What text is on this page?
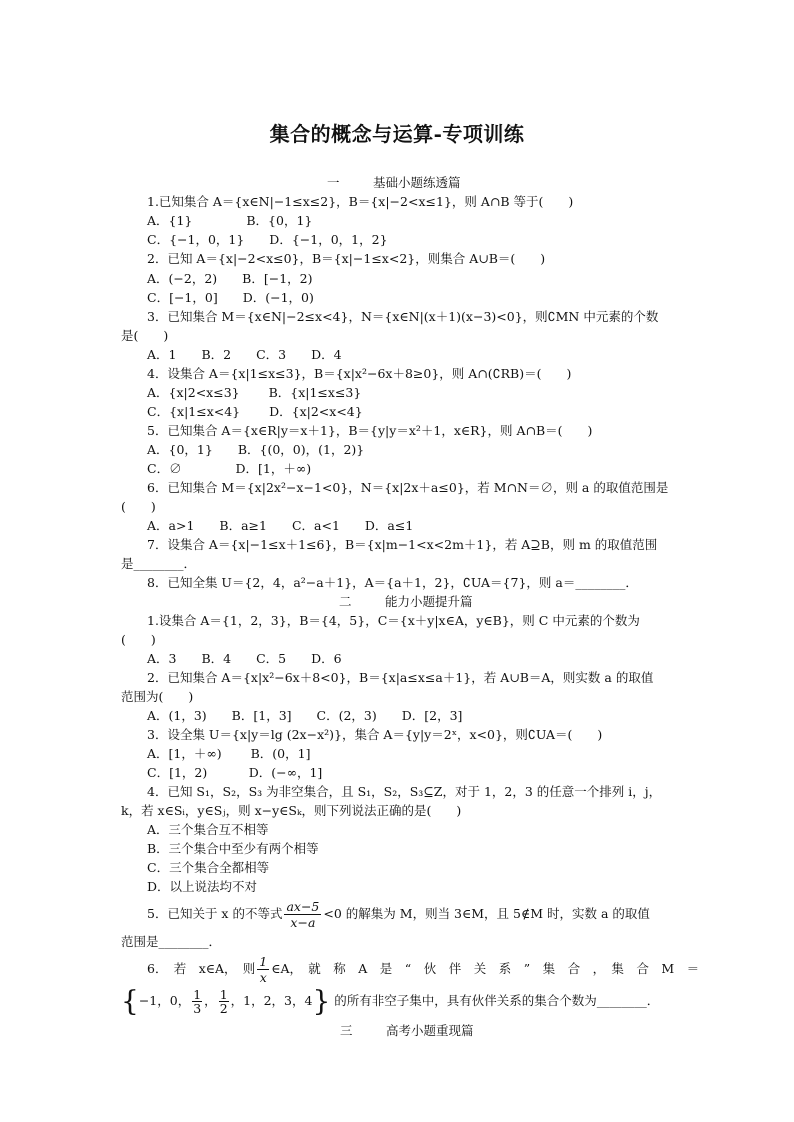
集合的概念与运算-专项训练
一	基础小题练透篇
1.已知集合 A＝{x∈N|−1≤x≤2}，B＝{x|−2<x≤1}，则 A∩B 等于(　　)
A．{1}　　　　 B．{0，1}
C．{−1，0，1}　　D．{−1，0，1，2}
2．已知 A＝{x|−2<x≤0}，B＝{x|−1≤x<2}，则集合 A∪B＝(　　)
A．(−2，2)　　B．[−1，2)
C．[−1，0]　　D．(−1，0)
3．已知集合 M＝{x∈N|−2≤x<4}，N＝{x∈N|(x＋1)(x−3)<0}，则∁MN 中元素的个数
是(　　)
A．1　　B．2　　C．3　　D．4
4．设集合 A＝{x|1≤x≤3}，B＝{x|x²−6x＋8≥0}，则 A∩(∁RB)＝(　　)
A．{x|2<x≤3}　　 B．{x|1≤x≤3}
C．{x|1≤x<4}　　 D．{x|2<x<4}
5．已知集合 A＝{x∈R|y＝x＋1}，B＝{y|y＝x²＋1，x∈R}，则 A∩B＝(　　)
A．{0，1}　　B．{(0，0)，(1，2)}
C．∅　　　　 D．[1，＋∞)
6．已知集合 M＝{x|2x²−x−1<0}，N＝{x|2x＋a≤0}，若 M∩N＝∅，则 a 的取值范围是
(　　)
A．a>1　　B．a≥1　　C．a<1　　D．a≤1
7．设集合 A＝{x|−1≤x＋1≤6}，B＝{x|m−1<x<2m＋1}，若 A⊇B，则 m 的取值范围
是________．
8．已知全集 U＝{2，4，a²−a＋1}，A＝{a＋1，2}，∁UA＝{7}，则 a＝________．
二	能力小题提升篇
1.设集合 A＝{1，2，3}，B＝{4，5}，C＝{x＋y|x∈A，y∈B}，则 C 中元素的个数为
(　　)
A．3　　B．4　　C．5　　D．6
2．已知集合 A＝{x|x²−6x＋8<0}，B＝{x|a≤x≤a＋1}，若 A∪B＝A，则实数 a 的取值
范围为(　　)
A．(1，3)　　B．[1，3]　　C．(2，3)　　D．[2，3]
3．设全集 U＝{x|y＝lg (2x−x²)}，集合 A＝{y|y＝2ˣ，x<0}，则∁UA＝(　　)
A．[1，＋∞)　　 B．(0，1]
C．[1，2)　　　 D．(−∞，1]
4．已知 S₁，S₂，S₃ 为非空集合，且 S₁，S₂，S₃⊆Z，对于 1，2，3 的任意一个排列 i，j，
k，若 x∈Sᵢ，y∈Sⱼ，则 x−y∈Sₖ，则下列说法正确的是(　　)
A．三个集合互不相等
B．三个集合中至少有两个相等
C．三个集合全都相等
D．以上说法均不对
5．已知关于 x 的不等式 $\frac{ax-5}{x-a} <0$ 的解集为 M，则当 3∈M，且 5∉M 时，实数 a 的取值
范围是________．
6．　若　x∈A，　则 $\frac{1}{x}$ ∈A，　就　称　A　是　“　伙　伴　关　系　”　集　合　，　集　合　M　＝
{−1，0， $\frac{1}{3}$ ， $\frac{1}{2}$ ，1，2，3，4} 的所有非空子集中，具有伙伴关系的集合个数为________．
三	高考小题重现篇
